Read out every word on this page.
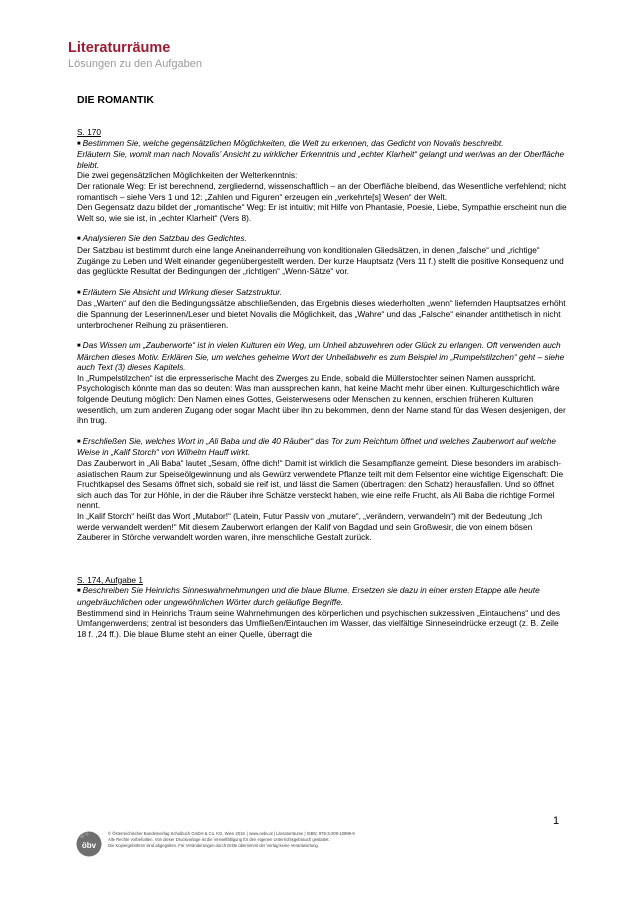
Literaturräume
Lösungen zu den Aufgaben
DIE ROMANTIK
S. 170
■ Bestimmen Sie, welche gegensätzlichen Möglichkeiten, die Welt zu erkennen, das Gedicht von Novalis beschreibt.
Erläutern Sie, womit man nach Novalis’ Ansicht zu wirklicher Erkenntnis und „echter Klarheit“ gelangt und wer/was an der Oberfläche bleibt.
Die zwei gegensätzlichen Möglichkeiten der Welterkenntnis:
Der rationale Weg: Er ist berechnend, zergliedernd, wissenschaftlich – an der Oberfläche bleibend, das Wesentliche verfehlend; nicht romantisch – siehe Vers 1 und 12: „Zahlen und Figuren“ erzeugen ein „verkehrte[s] Wesen“ der Welt.
Den Gegensatz dazu bildet der „romantische“ Weg: Er ist intuitiv; mit Hilfe von Phantasie, Poesie, Liebe, Sympathie erscheint nun die Welt so, wie sie ist, in „echter Klarheit“ (Vers 8).
■ Analysieren Sie den Satzbau des Gedichtes.
Der Satzbau ist bestimmt durch eine lange Aneinanderreihung von konditionalen Gliedsätzen, in denen „falsche“ und „richtige“ Zugänge zu Leben und Welt einander gegenübergestellt werden. Der kurze Hauptsatz (Vers 11 f.) stellt die positive Konsequenz und das geglückte Resultat der Bedingungen der „richtigen“ „Wenn-Sätze“ vor.
■ Erläutern Sie Absicht und Wirkung dieser Satzstruktur.
Das „Warten“ auf den die Bedingungssätze abschließenden, das Ergebnis dieses wiederholten „wenn“ liefernden Hauptsatzes erhöht die Spannung der Leserinnen/Leser und bietet Novalis die Möglichkeit, das „Wahre“ und das „Falsche“ einander antithetisch in nicht unterbrochener Reihung zu präsentieren.
■ Das Wissen um „Zauberworte“ ist in vielen Kulturen ein Weg, um Unheil abzuwehren oder Glück zu erlangen. Oft verwenden auch Märchen dieses Motiv. Erklären Sie, um welches geheime Wort der Unheilabwehr es zum Beispiel im „Rumpelstilzchen“ geht – siehe auch Text (3) dieses Kapitels.
In „Rumpelstilzchen“ ist die erpresserische Macht des Zwerges zu Ende, sobald die Müllerstochter seinen Namen ausspricht. Psychologisch könnte man das so deuten: Was man aussprechen kann, hat keine Macht mehr über einen. Kulturgeschichtlich wäre folgende Deutung möglich: Den Namen eines Gottes, Geisterwesens oder Menschen zu kennen, erschien früheren Kulturen wesentlich, um zum anderen Zugang oder sogar Macht über ihn zu bekommen, denn der Name stand für das Wesen desjenigen, der ihn trug.
■ Erschließen Sie, welches Wort in „Ali Baba und die 40 Räuber“ das Tor zum Reichtum öffnet und welches Zauberwort auf welche Weise in „Kalif Storch“ von Wilhelm Hauff wirkt.
Das Zauberwort in „Ali Baba“ lautet „Sesam, öffne dich!“ Damit ist wirklich die Sesampflanze gemeint. Diese besonders im arabisch-asiatischen Raum zur Speiseölgewinnung und als Gewürz verwendete Pflanze teilt mit dem Felsentor eine wichtige Eigenschaft: Die Fruchtkapsel des Sesams öffnet sich, sobald sie reif ist, und lässt die Samen (übertragen: den Schatz) herausfallen. Und so öffnet sich auch das Tor zur Höhle, in der die Räuber ihre Schätze versteckt haben, wie eine reife Frucht, als Ali Baba die richtige Formel nennt.
In „Kalif Storch“ heißt das Wort „Mutabor!“ (Latein, Futur Passiv von „mutare“, „verändern, verwandeln“) mit der Bedeutung „Ich werde verwandelt werden!“ Mit diesem Zauberwort erlangen der Kalif von Bagdad und sein Großwesir, die von einem bösen Zauberer in Störche verwandelt worden waren, ihre menschliche Gestalt zurück.
S. 174, Aufgabe 1
■ Beschreiben Sie Heinrichs Sinneswahrnehmungen und die blaue Blume. Ersetzen sie dazu in einer ersten Etappe alle heute ungebräuchlichen oder ungewöhnlichen Wörter durch geläufige Begriffe.
Bestimmend sind in Heinrichs Traum seine Wahrnehmungen des körperlichen und psychischen sukzessiven „Eintauchens“ und des Umfangenwerdens; zentral ist besonders das Umfließen/Eintauchen im Wasser, das vielfältige Sinneseindrücke erzeugt (z. B. Zeile 18 f. ,24 ff.). Die blaue Blume steht an einer Quelle, überragt die
1
öbv
© Österreichischer Bundesverlag Schulbuch GmbH & Co. KG, Wien 2019. | www.oebv.at | Literaturräume | ISBN: 978-3-209-10899-9
Alle Rechte vorbehalten. Von dieser Druckvorlage ist die Vervielfältigung für den eigenen Unterrichtsgebrauch gestattet.
Die Kopiergebühren sind abgegolten. Für Veränderungen durch Dritte übernimmt der Verlag keine Verantwortung.
